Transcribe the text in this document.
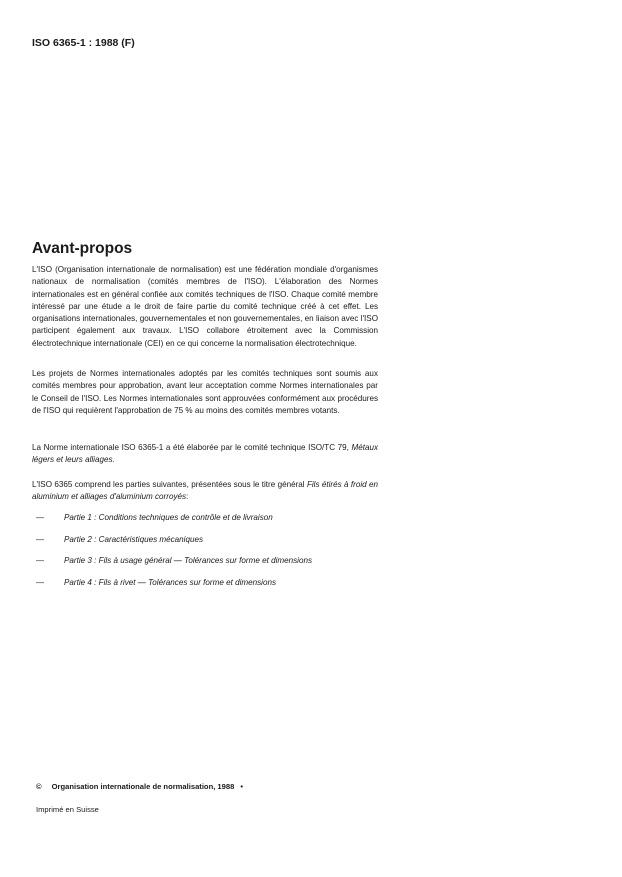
ISO 6365-1 : 1988 (F)
Avant-propos
L'ISO (Organisation internationale de normalisation) est une fédération mondiale d'organismes nationaux de normalisation (comités membres de l'ISO). L'élaboration des Normes internationales est en général confiée aux comités techniques de l'ISO. Chaque comité membre intéressé par une étude a le droit de faire partie du comité technique créé à cet effet. Les organisations internationales, gouvernementales et non gouvernementales, en liaison avec l'ISO participent également aux travaux. L'ISO collabore étroitement avec la Commission électrotechnique internationale (CEI) en ce qui concerne la normalisation électrotechnique.
Les projets de Normes internationales adoptés par les comités techniques sont soumis aux comités membres pour approbation, avant leur acceptation comme Normes internationales par le Conseil de l'ISO. Les Normes internationales sont approuvées conformément aux procédures de l'ISO qui requièrent l'approbation de 75 % au moins des comités membres votants.
La Norme internationale ISO 6365-1 a été élaborée par le comité technique ISO/TC 79, Métaux légers et leurs alliages.
L'ISO 6365 comprend les parties suivantes, présentées sous le titre général Fils étirés à froid en aluminium et alliages d'aluminium corroyés:
— Partie 1 : Conditions techniques de contrôle et de livraison
— Partie 2 : Caractéristiques mécaniques
— Partie 3 : Fils à usage général — Tolérances sur forme et dimensions
— Partie 4 : Fils à rivet — Tolérances sur forme et dimensions
© Organisation internationale de normalisation, 1988 •
Imprimé en Suisse
